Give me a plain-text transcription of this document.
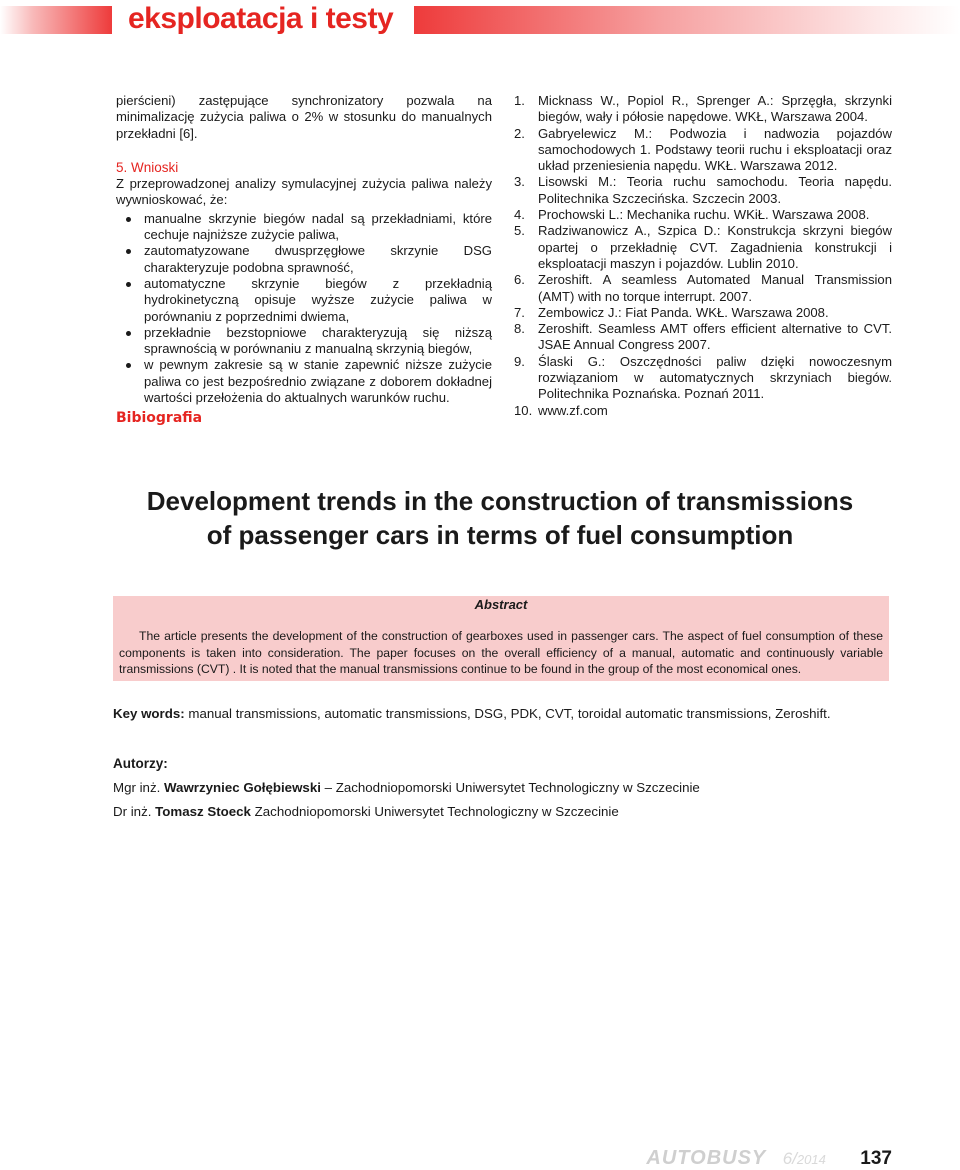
eksploatacja i testy

pierścieni) zastępujące synchronizatory pozwala na minimalizację zużycia paliwa o 2% w stosunku do manualnych przekładni [6].

5. Wnioski

Z przeprowadzonej analizy symulacyjnej zużycia paliwa należy wywnioskować, że:

manualne skrzynie biegów nadal są przekładniami, które cechuje najniższe zużycie paliwa,
zautomatyzowane dwusprzęgłowe skrzynie DSG charakteryzuje podobna sprawność,
automatyczne skrzynie biegów z przekładnią hydrokinetyczną opisuje wyższe zużycie paliwa w porównaniu z poprzednimi dwiema,
przekładnie bezstopniowe charakteryzują się niższą sprawnością w porównaniu z manualną skrzynią biegów,
w pewnym zakresie są w stanie zapewnić niższe zużycie paliwa co jest bezpośrednio związane z doborem dokładnej wartości przełożenia do aktualnych warunków ruchu.

Bibiografia

1. Micknass W., Popiol R., Sprenger A.: Sprzęgła, skrzynki biegów, wały i półosie napędowe. WKŁ, Warszawa 2004.
2. Gabryelewicz M.: Podwozia i nadwozia pojazdów samochodowych 1. Podstawy teorii ruchu i eksploatacji oraz układ przeniesienia napędu. WKŁ. Warszawa 2012.
3. Lisowski M.: Teoria ruchu samochodu. Teoria napędu. Politechnika Szczecińska. Szczecin 2003.
4. Prochowski L.: Mechanika ruchu. WKiŁ. Warszawa 2008.
5. Radziwanowicz A., Szpica D.: Konstrukcja skrzyni biegów opartej o przekładnię CVT. Zagadnienia konstrukcji i eksploatacji maszyn i pojazdów. Lublin 2010.
6. Zeroshift. A seamless Automated Manual Transmission (AMT) with no torque interrupt. 2007.
7. Zembowicz J.: Fiat Panda. WKŁ. Warszawa 2008.
8. Zeroshift. Seamless AMT offers efficient alternative to CVT. JSAE Annual Congress 2007.
9. Ślaski G.: Oszczędności paliw dzięki nowoczesnym rozwiązaniom w automatycznych skrzyniach biegów. Politechnika Poznańska. Poznań 2011.
10. www.zf.com
Development trends in the construction of transmissions
of passenger cars in terms of fuel consumption
Abstract

The article presents the development of the construction of gearboxes used in passenger cars. The aspect of fuel consumption of these components is taken into consideration. The paper focuses on the overall efficiency of a manual, automatic and continuously variable transmissions (CVT) . It is noted that the manual transmissions continue to be found in the group of the most economical ones.

Key words: manual transmissions, automatic transmissions, DSG, PDK, CVT, toroidal automatic transmissions, Zeroshift.
Autorzy:
Mgr inż. Wawrzyniec Gołębiewski – Zachodniopomorski Uniwersytet Technologiczny w Szczecinie
Dr inż. Tomasz Stoeck Zachodniopomorski Uniwersytet Technologiczny w Szczecinie
AUTOBUSY 6/2014 137
